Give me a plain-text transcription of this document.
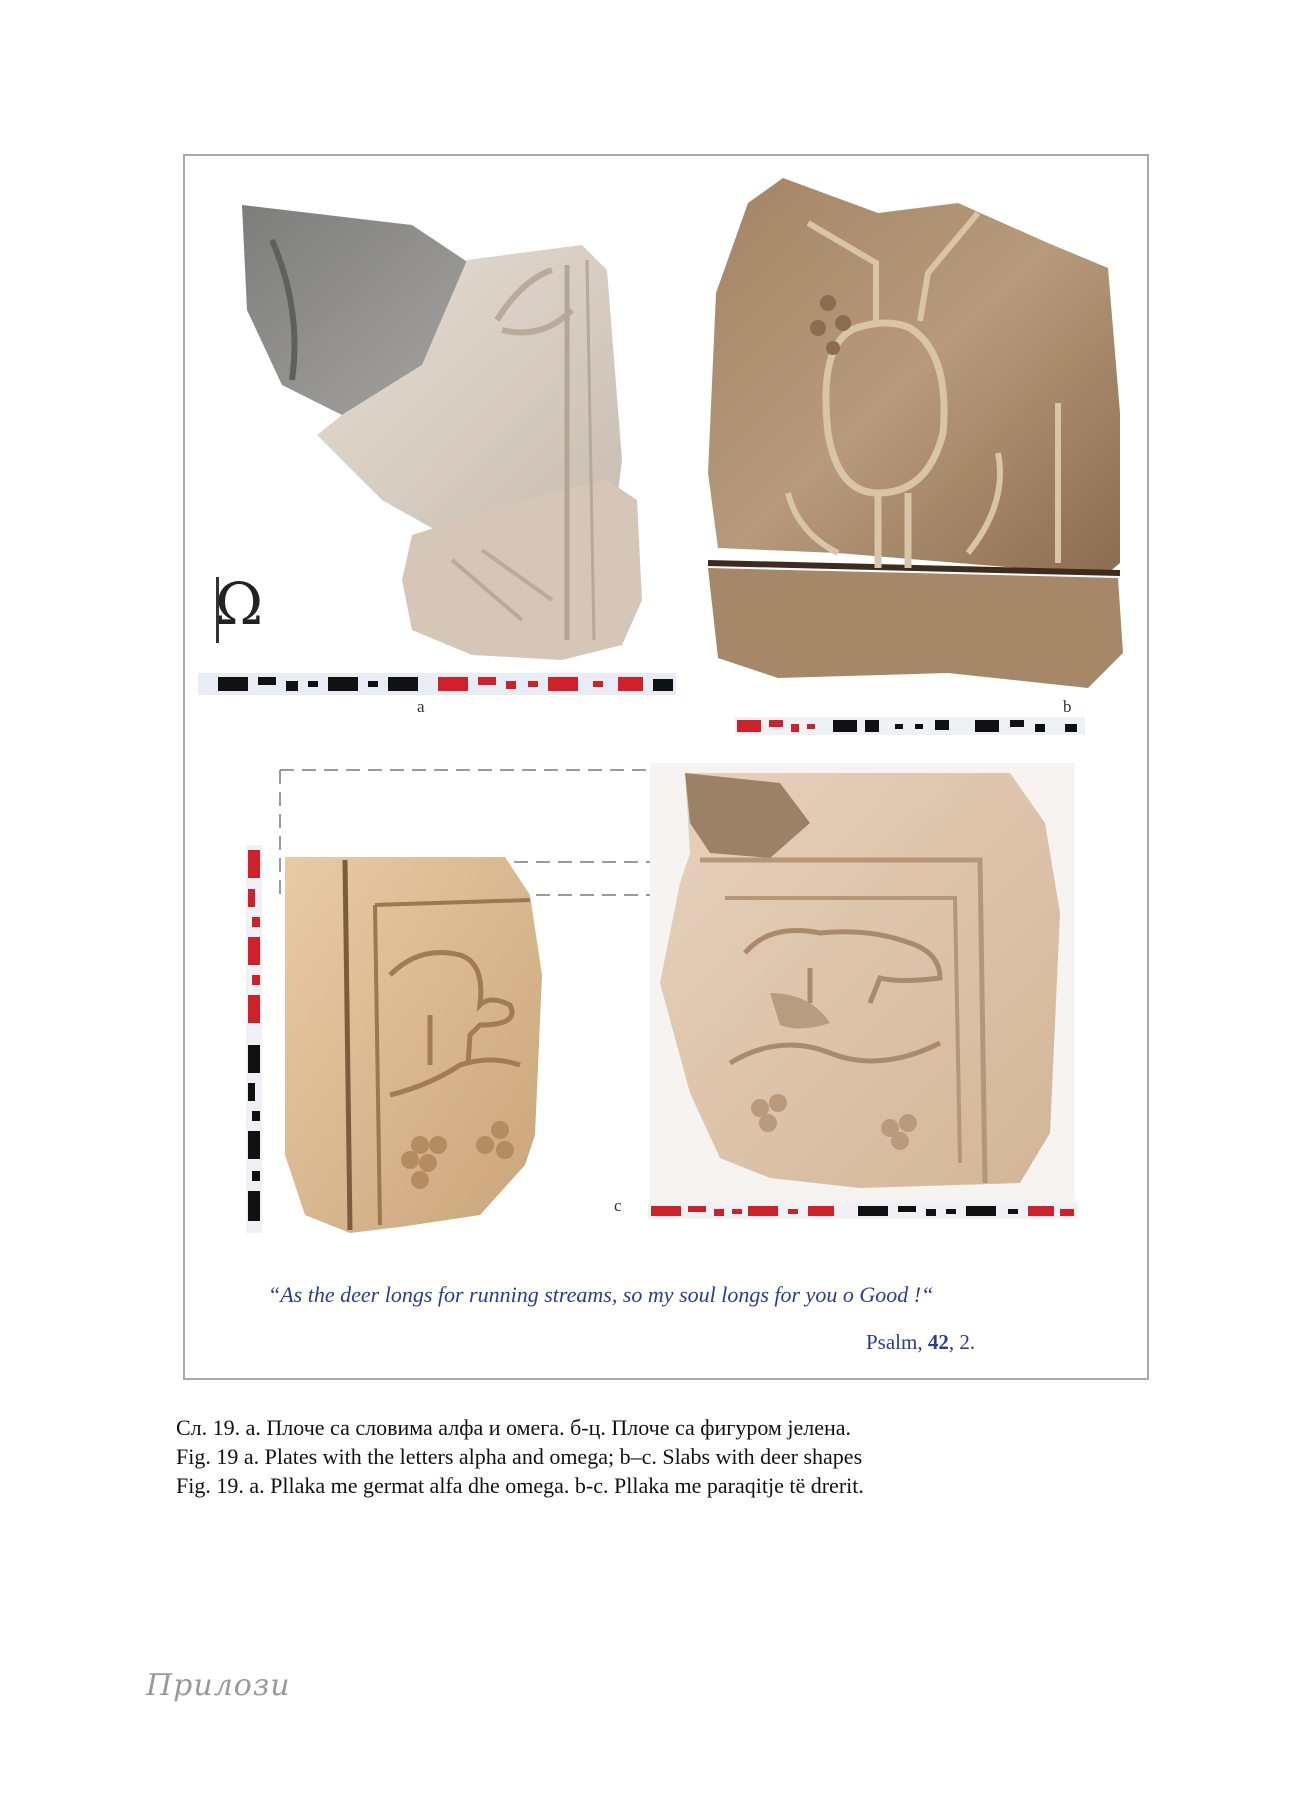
Ω
a	b
c
“As the deer longs for running streams, so my soul longs for you o Good !“
Psalm, 42, 2.
Сл. 19. а. Плоче са словима алфа и омега. б-ц. Плоче са фигуром јелена.
Fig. 19 a. Plates with the letters alpha and omega; b–c. Slabs with deer shapes
Fig. 19. a. Pllaka me germat alfa dhe omega. b-c. Pllaka me paraqitje të drerit.
Прилози
